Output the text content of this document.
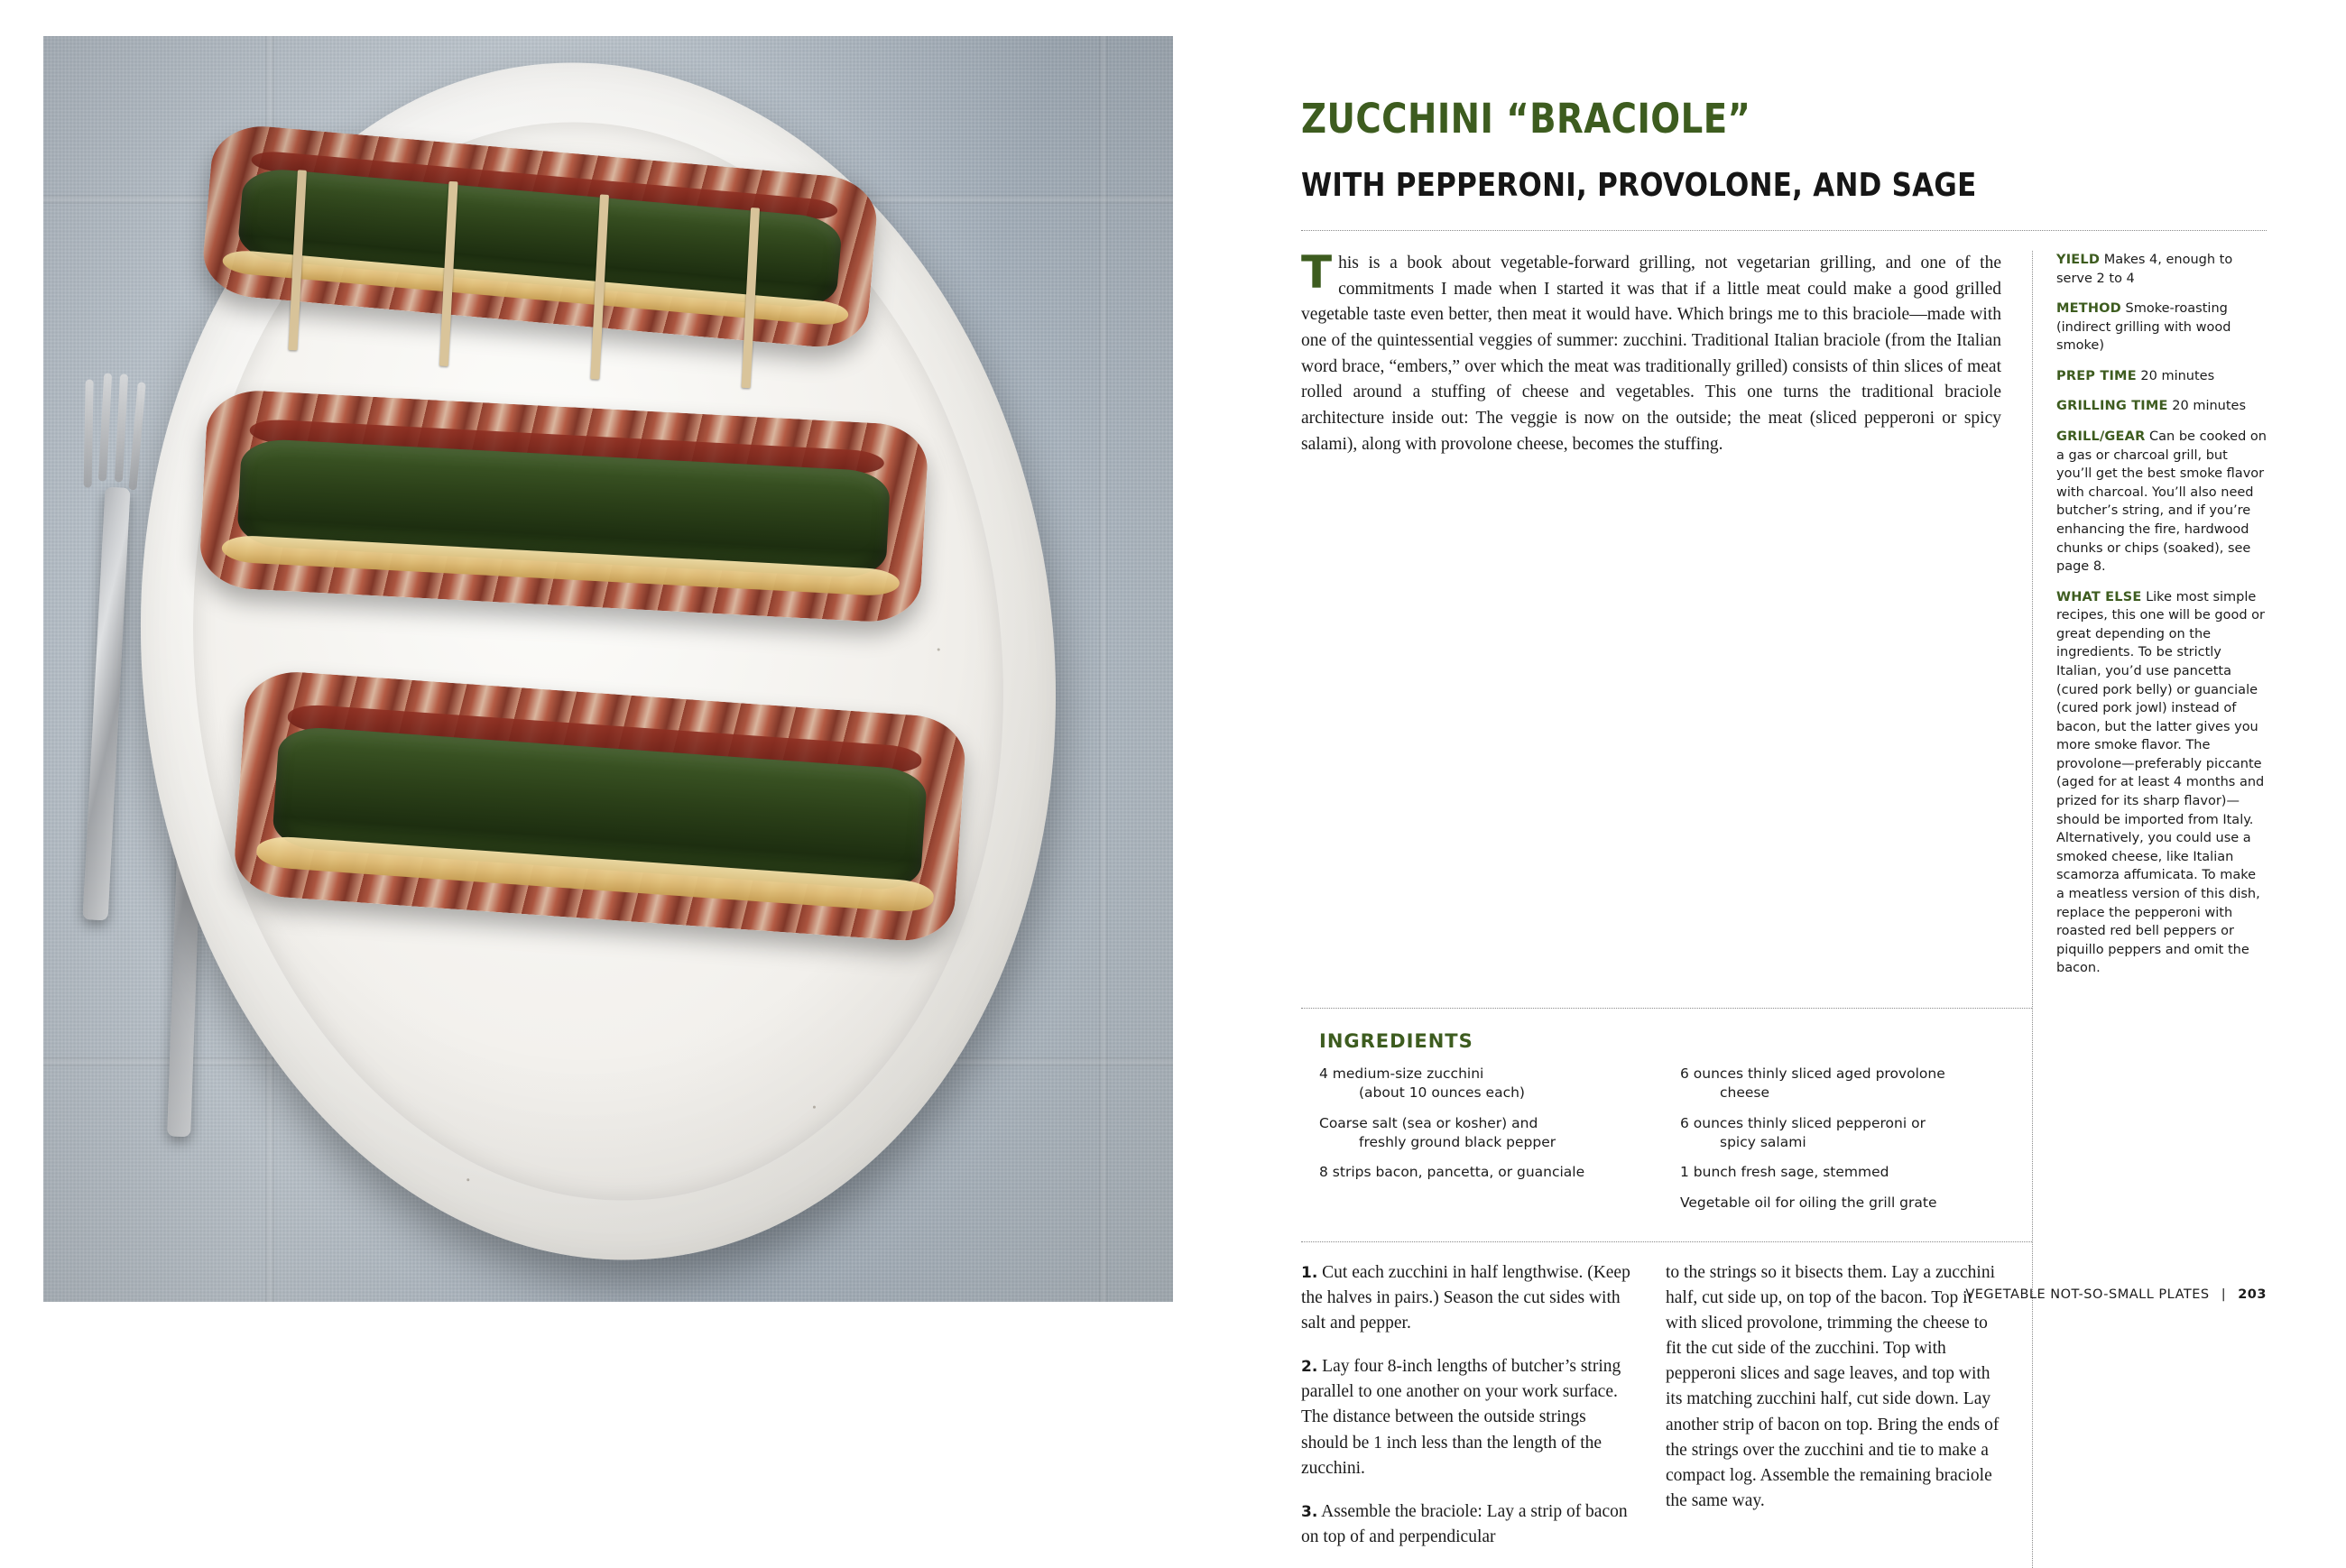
ZUCCHINI “BRACIOLE”
WITH PEPPERONI, PROVOLONE, AND SAGE
This is a book about vegetable-forward grilling, not vegetarian grilling, and one of the commitments I made when I started it was that if a little meat could make a good grilled vegetable taste even better, then meat it would have. Which brings me to this braciole—made with one of the quintessential veggies of summer: zucchini. Traditional Italian braciole (from the Italian word brace, “embers,” over which the meat was traditionally grilled) consists of thin slices of meat rolled around a stuffing of cheese and vegetables. This one turns the traditional braciole architecture inside out: The veggie is now on the outside; the meat (sliced pepperoni or spicy salami), along with provolone cheese, becomes the stuffing.
YIELD Makes 4, enough to serve 2 to 4
METHOD Smoke-roasting (indirect grilling with wood smoke)
PREP TIME 20 minutes
GRILLING TIME 20 minutes
GRILL/GEAR Can be cooked on a gas or charcoal grill, but you’ll get the best smoke flavor with charcoal. You’ll also need butcher’s string, and if you’re enhancing the fire, hardwood chunks or chips (soaked), see page 8.
WHAT ELSE Like most simple recipes, this one will be good or great depending on the ingredients. To be strictly Italian, you’d use pancetta (cured pork belly) or guanciale (cured pork jowl) instead of bacon, but the latter gives you more smoke flavor. The provolone—preferably piccante (aged for at least 4 months and prized for its sharp flavor)—should be imported from Italy. Alternatively, you could use a smoked cheese, like Italian scamorza affumicata. To make a meatless version of this dish, replace the pepperoni with roasted red bell peppers or piquillo peppers and omit the bacon.
INGREDIENTS
4 medium-size zucchini
(about 10 ounces each)
Coarse salt (sea or kosher) and
freshly ground black pepper
8 strips bacon, pancetta, or guanciale
6 ounces thinly sliced aged provolone
cheese
6 ounces thinly sliced pepperoni or
spicy salami
1 bunch fresh sage, stemmed
Vegetable oil for oiling the grill grate
1. Cut each zucchini in half lengthwise. (Keep the halves in pairs.) Season the cut sides with salt and pepper.
2. Lay four 8-inch lengths of butcher’s string parallel to one another on your work surface. The distance between the outside strings should be 1 inch less than the length of the zucchini.
3. Assemble the braciole: Lay a strip of bacon on top of and perpendicular
to the strings so it bisects them. Lay a zucchini half, cut side up, on top of the bacon. Top it with sliced provolone, trimming the cheese to fit the cut side of the zucchini. Top with pepperoni slices and sage leaves, and top with its matching zucchini half, cut side down. Lay another strip of bacon on top. Bring the ends of the strings over the zucchini and tie to make a compact log. Assemble the remaining braciole the same way.
VEGETABLE NOT-SO-SMALL PLATES | 203
